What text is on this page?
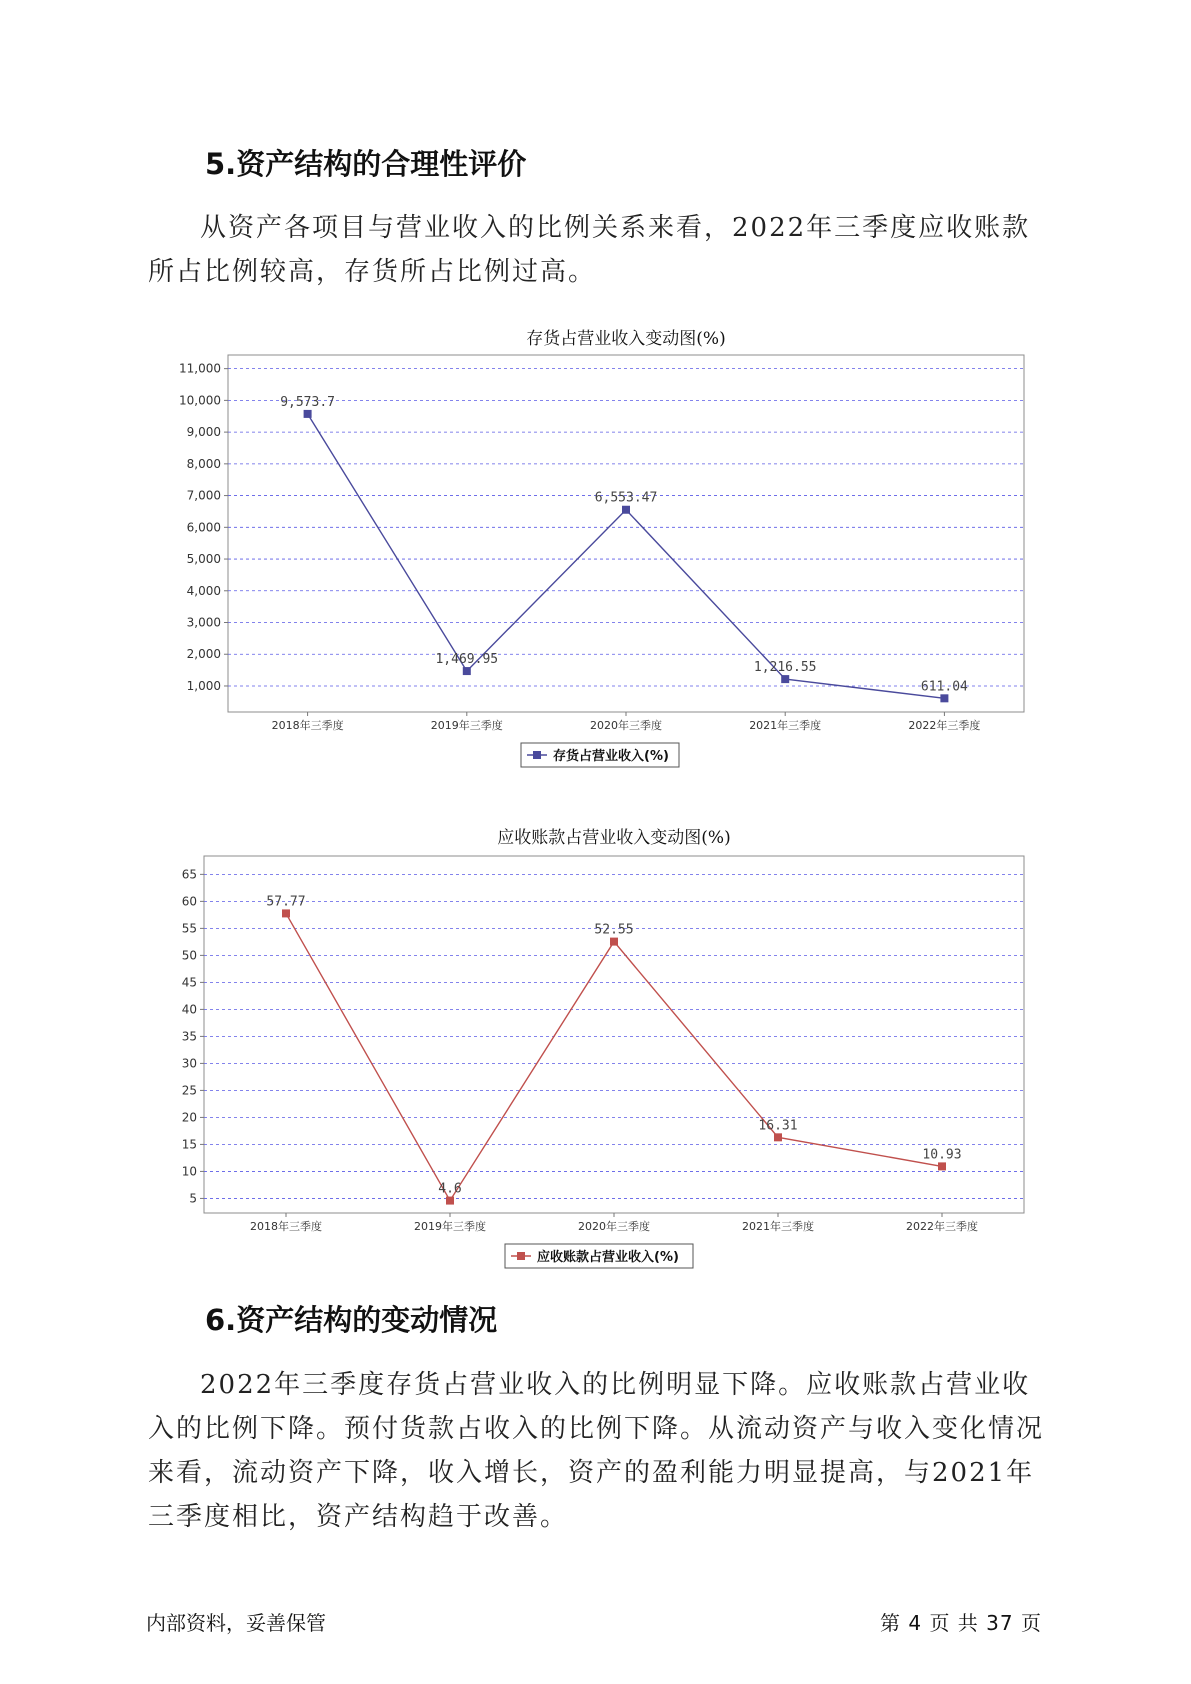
5.资产结构的合理性评价

从资产各项目与营业收入的比例关系来看，2022年三季度应收账款所占比例较高，存货所占比例过高。

存货占营业收入变动图(%)
1,000
2,000
3,000
4,000
5,000
6,000
7,000
8,000
9,000
10,000
11,000
2018年三季度	2019年三季度	2020年三季度	2021年三季度	2022年三季度
9,573.7
1,469.95
6,553.47
1,216.55
611.04
存货占营业收入(%)
应收账款占营业收入变动图(%)
5
10
15
20
25
30
35
40
45
50
55
60
65
2018年三季度	2019年三季度	2020年三季度	2021年三季度	2022年三季度
57.77
4.6
52.55
16.31
10.93
应收账款占营业收入(%)
6.资产结构的变动情况

2022年三季度存货占营业收入的比例明显下降。应收账款占营业收入的比例下降。预付货款占收入的比例下降。从流动资产与收入变化情况来看，流动资产下降，收入增长，资产的盈利能力明显提高，与2021年三季度相比，资产结构趋于改善。

内部资料，妥善保管	第 4 页 共 37 页
